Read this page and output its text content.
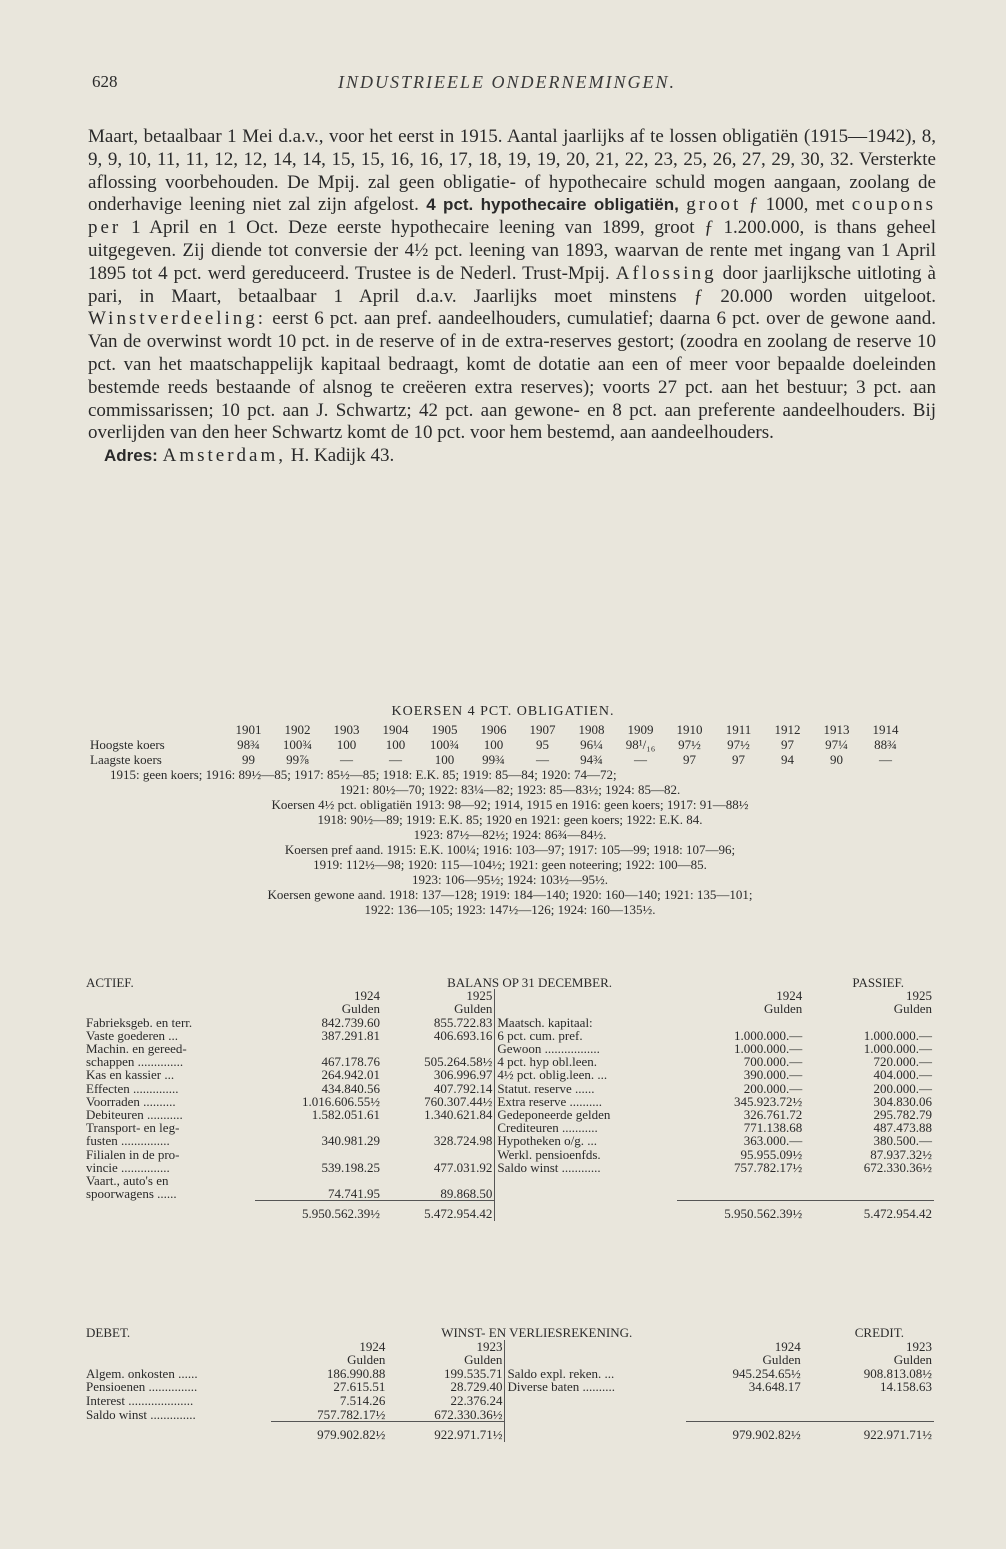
628	INDUSTRIEELE ONDERNEMINGEN.
Maart, betaalbaar 1 Mei d.a.v., voor het eerst in 1915. Aantal jaarlijks af te lossen obligatiën (1915—1942), 8, 9, 9, 10, 11, 11, 12, 12, 14, 14, 15, 15, 16, 16, 17, 18, 19, 19, 20, 21, 22, 23, 25, 26, 27, 29, 30, 32. Versterkte aflossing voorbehouden. De Mpij. zal geen obligatie- of hypothecaire schuld mogen aangaan, zoolang de onderhavige leening niet zal zijn afgelost. 4 pct. hypothecaire obligatiën, groot ƒ 1000, met coupons per 1 April en 1 Oct. Deze eerste hypothecaire leening van 1899, groot ƒ 1.200.000, is thans geheel uitgegeven. Zij diende tot conversie der 4½ pct. leening van 1893, waarvan de rente met ingang van 1 April 1895 tot 4 pct. werd gereduceerd. Trustee is de Nederl. Trust-Mpij. Aflossing door jaarlijksche uitloting à pari, in Maart, betaalbaar 1 April d.a.v. Jaarlijks moet minstens ƒ 20.000 worden uitgeloot. Winstverdeeling: eerst 6 pct. aan pref. aandeelhouders, cumulatief; daarna 6 pct. over de gewone aand. Van de overwinst wordt 10 pct. in de reserve of in de extra-reserves gestort; (zoodra en zoolang de reserve 10 pct. van het maatschappelijk kapitaal bedraagt, komt de dotatie aan een of meer voor bepaalde doeleinden bestemde reeds bestaande of alsnog te creëeren extra reserves); voorts 27 pct. aan het bestuur; 3 pct. aan commissarissen; 10 pct. aan J. Schwartz; 42 pct. aan gewone- en 8 pct. aan preferente aandeelhouders. Bij overlijden van den heer Schwartz komt de 10 pct. voor hem bestemd, aan aandeelhouders.
Adres: Amsterdam, H. Kadijk 43.
KOERSEN 4 PCT. OBLIGATIEN.
1901	1902	1903	1904	1905	1906	1907	1908	1909	1910	1911	1912	1913	1914
Hoogste koers	98¾	100¾	100	100	100¾	100	95	96¼	98¹/₁₆	97½	97½	97	97¼	88¾
Laagste koers	99	99⅞	—	—	100	99¾	—	94¾	—	97	97	94	90	—
1915: geen koers; 1916: 89½—85; 1917: 85½—85; 1918: E.K. 85; 1919: 85—84; 1920: 74—72;
1921: 80½—70; 1922: 83¼—82; 1923: 85—83½; 1924: 85—82.
Koersen 4½ pct. obligatiën 1913: 98—92; 1914, 1915 en 1916: geen koers; 1917: 91—88½
1918: 90½—89; 1919: E.K. 85; 1920 en 1921: geen koers; 1922: E.K. 84.
1923: 87½—82½; 1924: 86¾—84½.
Koersen pref aand. 1915: E.K. 100¼; 1916: 103—97; 1917: 105—99; 1918: 107—96;
1919: 112½—98; 1920: 115—104½; 1921: geen noteering; 1922: 100—85.
1923: 106—95½; 1924: 103½—95½.
Koersen gewone aand. 1918: 137—128; 1919: 184—140; 1920: 160—140; 1921: 135—101;
1922: 136—105; 1923: 147½—126; 1924: 160—135½.
ACTIEF.	BALANS OP 31 DECEMBER.				PASSIEF.
	1924	1925		1924	1925
	Gulden	Gulden		Gulden	Gulden
Fabrieksgeb. en terr.	842.739.60	855.722.83	Maatsch. kapitaal:		
Vaste goederen ...	387.291.81	406.693.16	6 pct. cum. pref.	1.000.000.—	1.000.000.—
Machin. en gereed-			Gewoon .................	1.000.000.—	1.000.000.—
schappen ..............	467.178.76	505.264.58½	4 pct. hyp obl.leen.	700.000.—	720.000.—
Kas en kassier ...	264.942.01	306.996.97	4½ pct. oblig.leen. ...	390.000.—	404.000.—
Effecten ..............	434.840.56	407.792.14	Statut. reserve ......	200.000.—	200.000.—
Voorraden ..........	1.016.606.55½	760.307.44½	Extra reserve ..........	345.923.72½	304.830.06
Debiteuren ...........	1.582.051.61	1.340.621.84	Gedeponeerde gelden	326.761.72	295.782.79
Transport- en leg-			Crediteuren ...........	771.138.68	487.473.88
fusten ...............	340.981.29	328.724.98	Hypotheken o/g. ...	363.000.—	380.500.—
Filialen in de pro-			Werkl. pensioenfds.	95.955.09½	87.937.32½
vincie ...............	539.198.25	477.031.92	Saldo winst ............	757.782.17½	672.330.36½
Vaart., auto's en					
spoorwagens ......	74.741.95	89.868.50			
	5.950.562.39½	5.472.954.42		5.950.562.39½	5.472.954.42
DEBET.	WINST- EN VERLIESREKENING.				CREDIT.
	1924	1923		1924	1923
	Gulden	Gulden		Gulden	Gulden
Algem. onkosten ......	186.990.88	199.535.71	Saldo expl. reken. ...	945.254.65½	908.813.08½
Pensioenen ...............	27.615.51	28.729.40	Diverse baten ..........	34.648.17	14.158.63
Interest ....................	7.514.26	22.376.24			
Saldo winst ..............	757.782.17½	672.330.36½			
	979.902.82½	922.971.71½		979.902.82½	922.971.71½
